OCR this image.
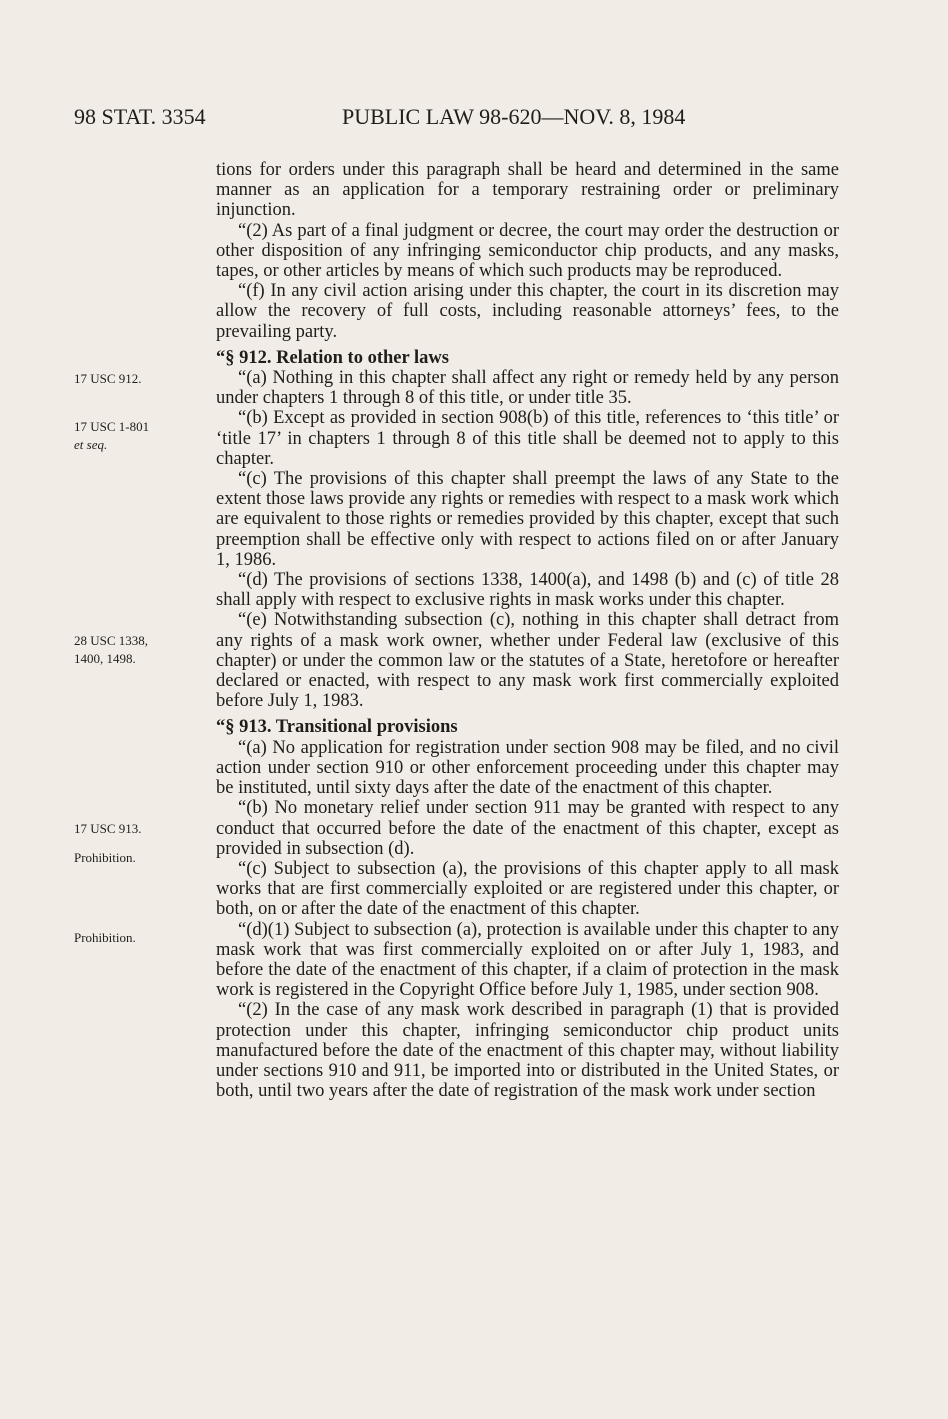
98 STAT. 3354	PUBLIC LAW 98-620—NOV. 8, 1984
17 USC 912.
17 USC 1-801
et seq.
28 USC 1338,
1400, 1498.
17 USC 913.
Prohibition.
Prohibition.

tions for orders under this paragraph shall be heard and determined in the same manner as an application for a temporary restraining order or preliminary injunction.

“(2) As part of a final judgment or decree, the court may order the destruction or other disposition of any infringing semiconductor chip products, and any masks, tapes, or other articles by means of which such products may be reproduced.

“(f) In any civil action arising under this chapter, the court in its discretion may allow the recovery of full costs, including reasonable attorneys’ fees, to the prevailing party.

“§ 912. Relation to other laws

“(a) Nothing in this chapter shall affect any right or remedy held by any person under chapters 1 through 8 of this title, or under title 35.

“(b) Except as provided in section 908(b) of this title, references to ‘this title’ or ‘title 17’ in chapters 1 through 8 of this title shall be deemed not to apply to this chapter.

“(c) The provisions of this chapter shall preempt the laws of any State to the extent those laws provide any rights or remedies with respect to a mask work which are equivalent to those rights or remedies provided by this chapter, except that such preemption shall be effective only with respect to actions filed on or after January 1, 1986.

“(d) The provisions of sections 1338, 1400(a), and 1498 (b) and (c) of title 28 shall apply with respect to exclusive rights in mask works under this chapter.

“(e) Notwithstanding subsection (c), nothing in this chapter shall detract from any rights of a mask work owner, whether under Federal law (exclusive of this chapter) or under the common law or the statutes of a State, heretofore or hereafter declared or enacted, with respect to any mask work first commercially exploited before July 1, 1983.

“§ 913. Transitional provisions

“(a) No application for registration under section 908 may be filed, and no civil action under section 910 or other enforcement proceeding under this chapter may be instituted, until sixty days after the date of the enactment of this chapter.

“(b) No monetary relief under section 911 may be granted with respect to any conduct that occurred before the date of the enactment of this chapter, except as provided in subsection (d).

“(c) Subject to subsection (a), the provisions of this chapter apply to all mask works that are first commercially exploited or are registered under this chapter, or both, on or after the date of the enactment of this chapter.

“(d)(1) Subject to subsection (a), protection is available under this chapter to any mask work that was first commercially exploited on or after July 1, 1983, and before the date of the enactment of this chapter, if a claim of protection in the mask work is registered in the Copyright Office before July 1, 1985, under section 908.

“(2) In the case of any mask work described in paragraph (1) that is provided protection under this chapter, infringing semiconductor chip product units manufactured before the date of the enactment of this chapter may, without liability under sections 910 and 911, be imported into or distributed in the United States, or both, until two years after the date of registration of the mask work under section
